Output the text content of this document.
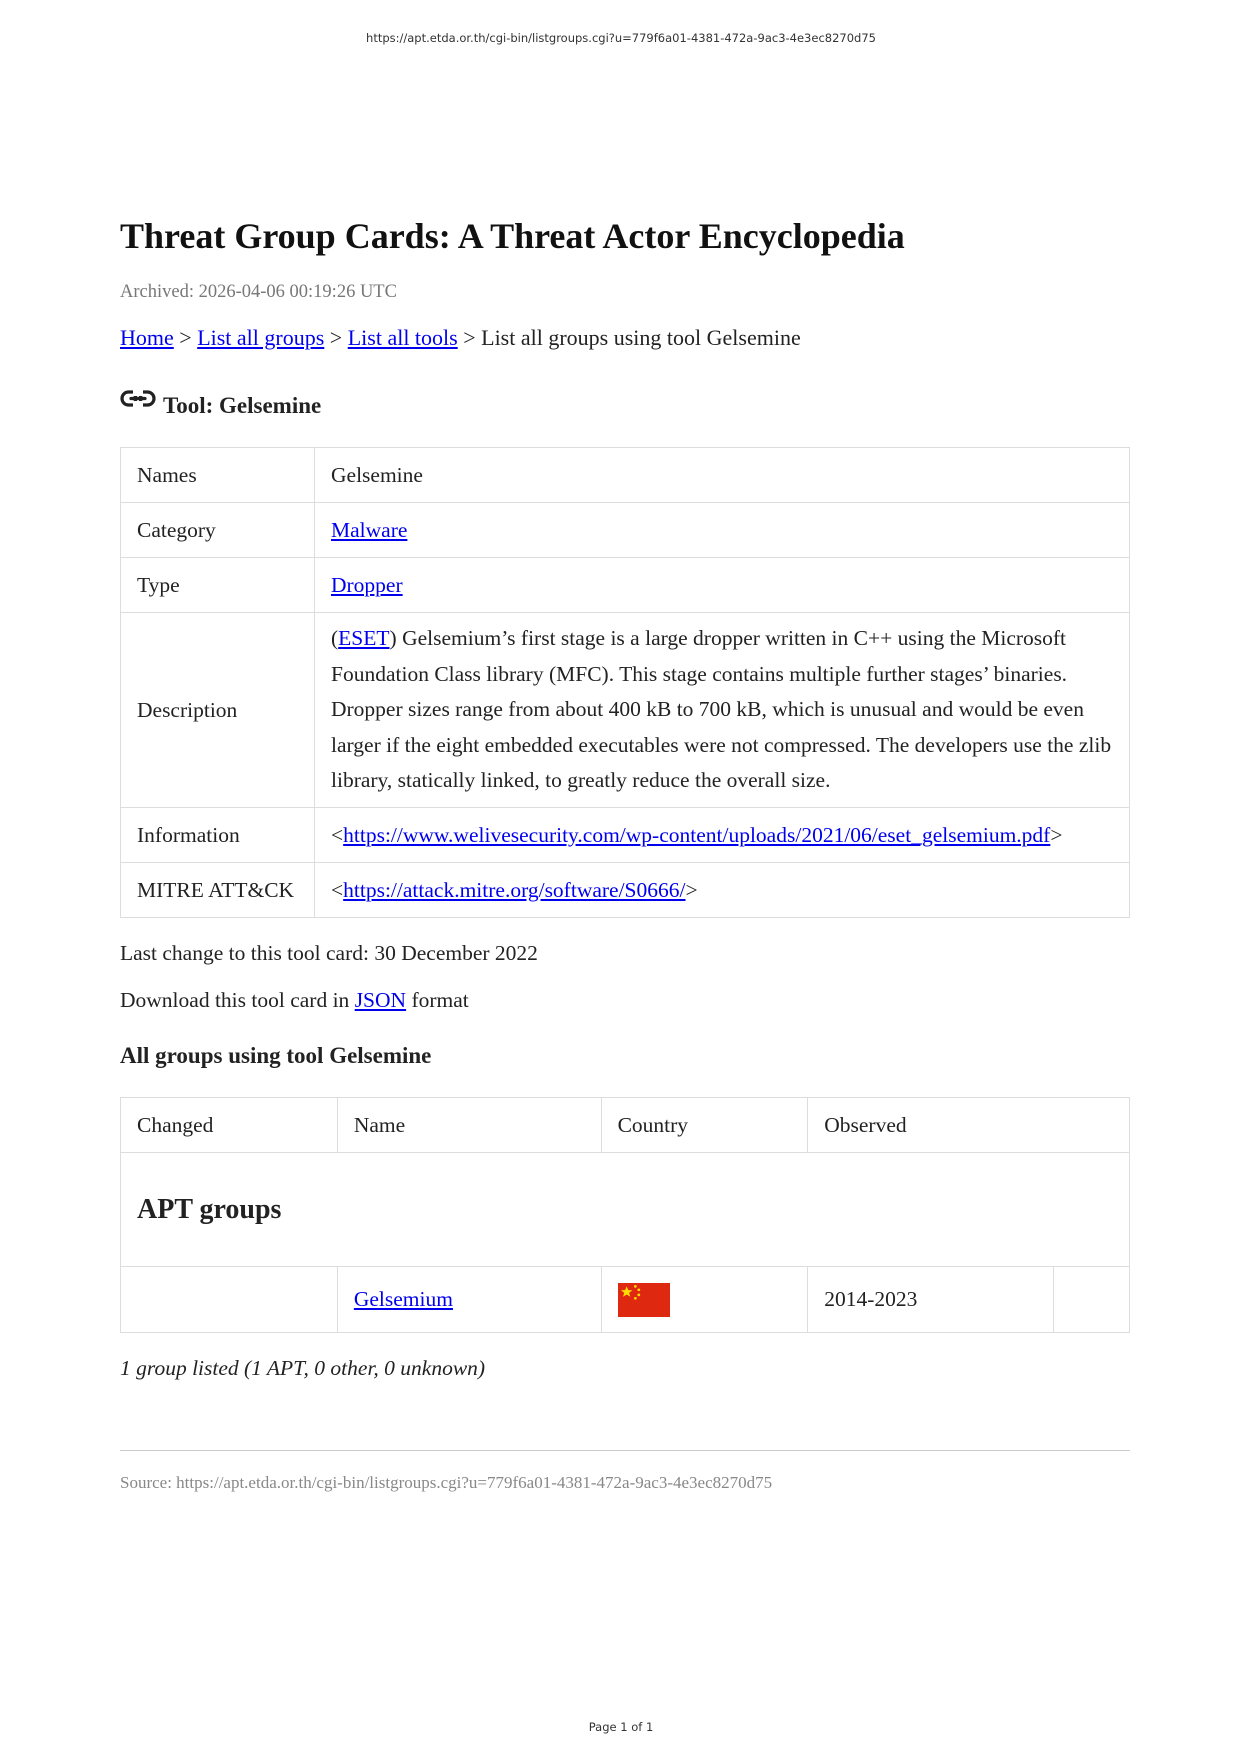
https://apt.etda.or.th/cgi-bin/listgroups.cgi?u=779f6a01-4381-472a-9ac3-4e3ec8270d75
Threat Group Cards: A Threat Actor Encyclopedia
Archived: 2026-04-06 00:19:26 UTC
Home > List all groups > List all tools > List all groups using tool Gelsemine
Tool: Gelsemine
Names	Gelsemine
Category	Malware
Type	Dropper
Description	(ESET) Gelsemium’s first stage is a large dropper written in C++ using the Microsoft Foundation Class library (MFC). This stage contains multiple further stages’ binaries. Dropper sizes range from about 400 kB to 700 kB, which is unusual and would be even larger if the eight embedded executables were not compressed. The developers use the zlib library, statically linked, to greatly reduce the overall size.
Information	<https://www.welivesecurity.com/wp-content/uploads/2021/06/eset_gelsemium.pdf>
MITRE ATT&CK	<https://attack.mitre.org/software/S0666/>
Last change to this tool card: 30 December 2022
Download this tool card in JSON format
All groups using tool Gelsemine
Changed	Name	Country	Observed	
APT groups				
	Gelsemium		2014-2023	
1 group listed (1 APT, 0 other, 0 unknown)
Source: https://apt.etda.or.th/cgi-bin/listgroups.cgi?u=779f6a01-4381-472a-9ac3-4e3ec8270d75
Page 1 of 1
